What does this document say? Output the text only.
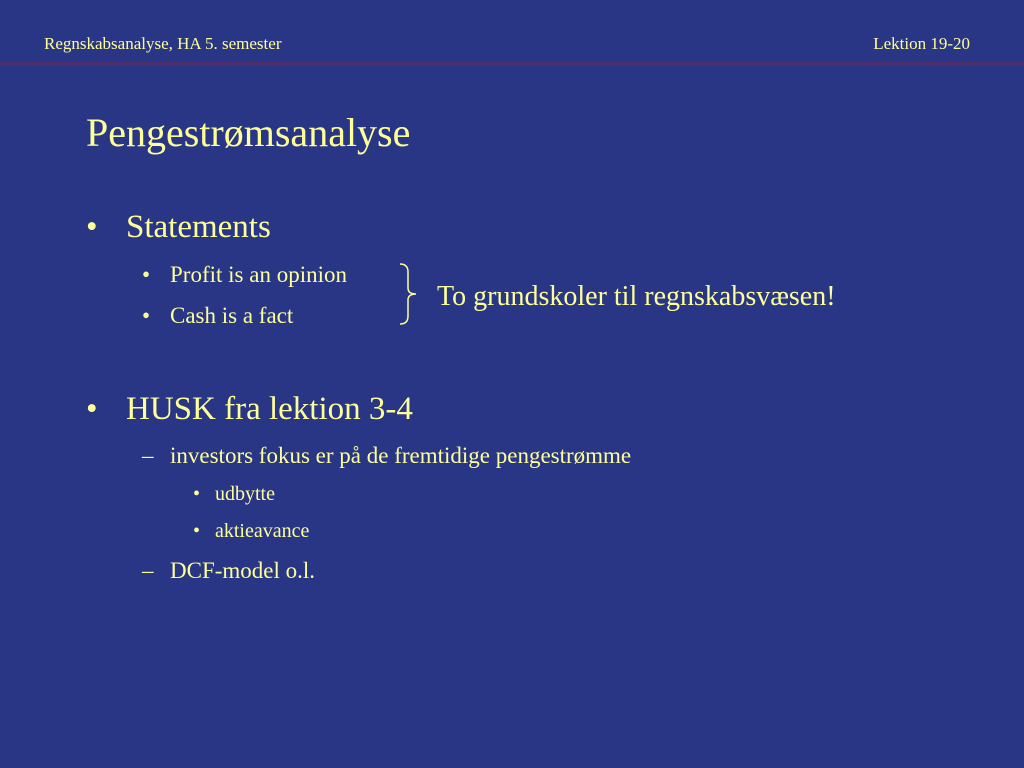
Regnskabsanalyse, HA 5. semester	Lektion 19-20
Pengestrømsanalyse
• Statements
• Profit is an opinion
• Cash is a fact
To grundskoler til regnskabsvæsen!
• HUSK fra lektion 3-4
– investors fokus er på de fremtidige pengestrømme
• udbytte
• aktieavance
– DCF-model o.l.
